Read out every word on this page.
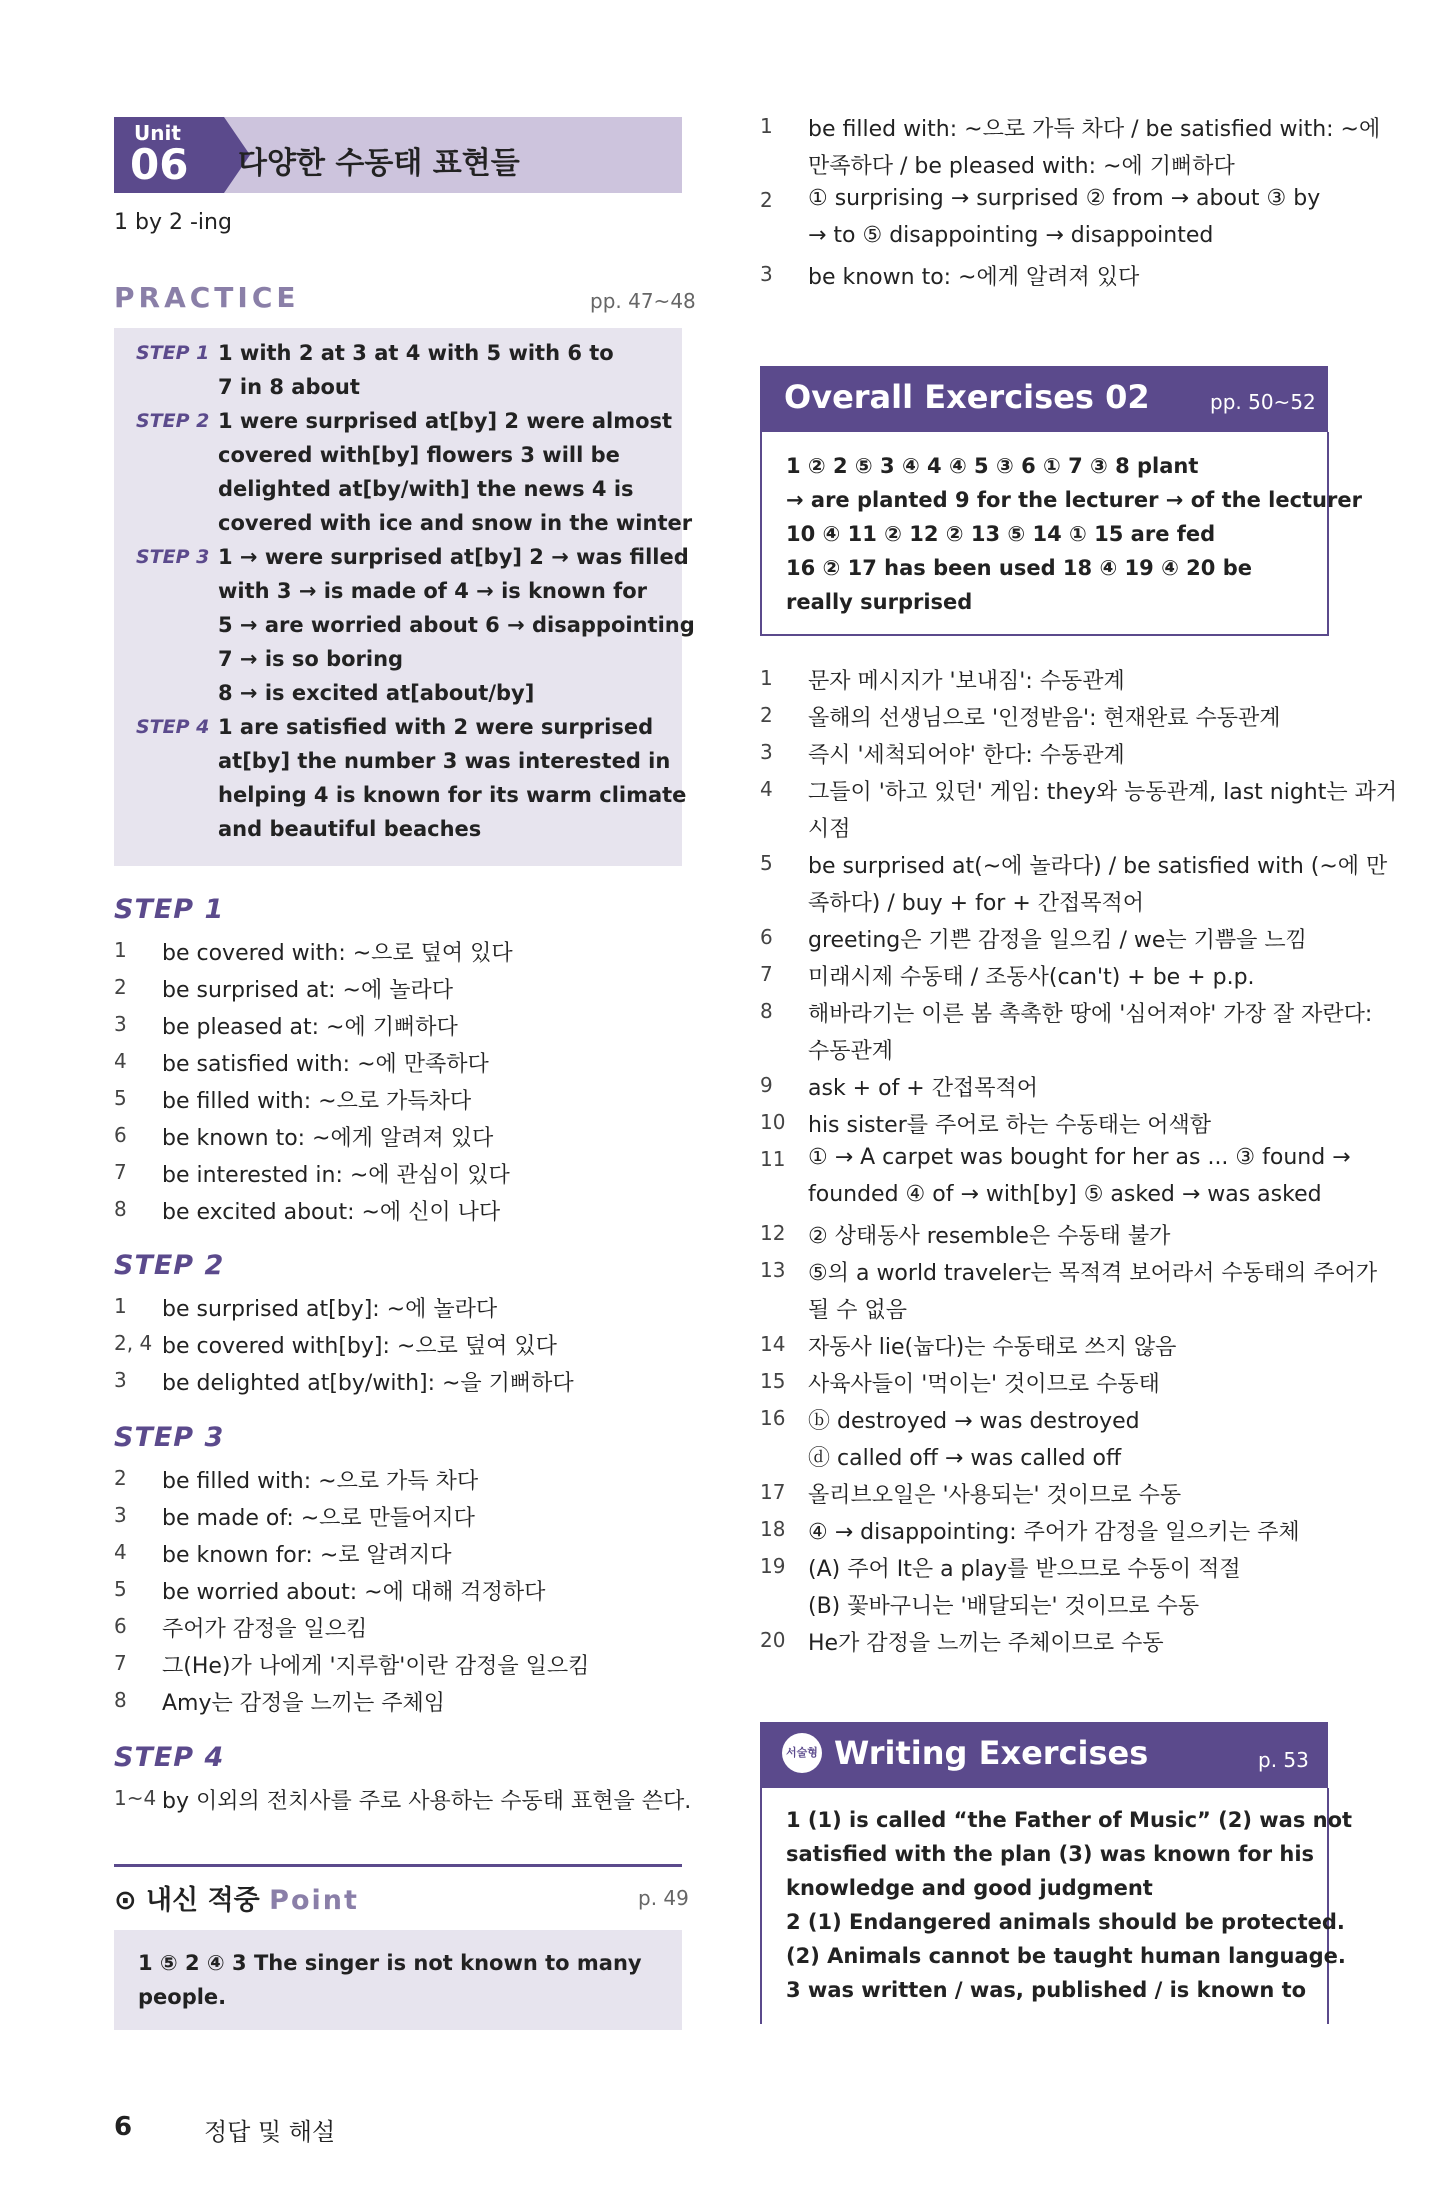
Unit
06 다양한 수동태 표현들
1 by 2 -ing
PRACTICE	pp. 47~48
STEP 1 1 with 2 at 3 at 4 with 5 with 6 to
7 in 8 about
STEP 2 1 were surprised at[by] 2 were almost
covered with[by] flowers 3 will be
delighted at[by/with] the news 4 is
covered with ice and snow in the winter
STEP 3 1 → were surprised at[by] 2 → was filled
with 3 → is made of 4 → is known for
5 → are worried about 6 → disappointing
7 → is so boring
8 → is excited at[about/by]
STEP 4 1 are satisfied with 2 were surprised
at[by] the number 3 was interested in
helping 4 is known for its warm climate
and beautiful beaches
STEP 1
1 be covered with: ~으로 덮여 있다
2 be surprised at: ~에 놀라다
3 be pleased at: ~에 기뻐하다
4 be satisfied with: ~에 만족하다
5 be filled with: ~으로 가득차다
6 be known to: ~에게 알려져 있다
7 be interested in: ~에 관심이 있다
8 be excited about: ~에 신이 나다
STEP 2
1 be surprised at[by]: ~에 놀라다
2, 4 be covered with[by]: ~으로 덮여 있다
3 be delighted at[by/with]: ~을 기뻐하다
STEP 3
2 be filled with: ~으로 가득 차다
3 be made of: ~으로 만들어지다
4 be known for: ~로 알려지다
5 be worried about: ~에 대해 걱정하다
6 주어가 감정을 일으킴
7 그(He)가 나에게 '지루함'이란 감정을 일으킴
8 Amy는 감정을 느끼는 주체임
STEP 4
1~4 by 이외의 전치사를 주로 사용하는 수동태 표현을 쓴다.
⊙ 내신 적중 Point	p. 49
1 ⑤ 2 ④ 3 The singer is not known to many
people.
6	정답 및 해설
1 be filled with: ~으로 가득 차다 / be satisfied with: ~에
만족하다 / be pleased with: ~에 기뻐하다
2 ① surprising → surprised ② from → about ③ by
→ to ⑤ disappointing → disappointed
3 be known to: ~에게 알려져 있다
Overall Exercises 02	pp. 50~52
1 ② 2 ⑤ 3 ④ 4 ④ 5 ③ 6 ① 7 ③ 8 plant
→ are planted 9 for the lecturer → of the lecturer
10 ④ 11 ② 12 ② 13 ⑤ 14 ① 15 are fed
16 ② 17 has been used 18 ④ 19 ④ 20 be
really surprised
1 문자 메시지가 '보내짐': 수동관계
2 올해의 선생님으로 '인정받음': 현재완료 수동관계
3 즉시 '세척되어야' 한다: 수동관계
4 그들이 '하고 있던' 게임: they와 능동관계, last night는 과거
시점
5 be surprised at(~에 놀라다) / be satisfied with (~에 만
족하다) / buy + for + 간접목적어
6 greeting은 기쁜 감정을 일으킴 / we는 기쁨을 느낌
7 미래시제 수동태 / 조동사(can't) + be + p.p.
8 해바라기는 이른 봄 촉촉한 땅에 '심어져야' 가장 잘 자란다:
수동관계
9 ask + of + 간접목적어
10 his sister를 주어로 하는 수동태는 어색함
11 ① → A carpet was bought for her as ... ③ found →
founded ④ of → with[by] ⑤ asked → was asked
12 ② 상태동사 resemble은 수동태 불가
13 ⑤의 a world traveler는 목적격 보어라서 수동태의 주어가
될 수 없음
14 자동사 lie(눕다)는 수동태로 쓰지 않음
15 사육사들이 '먹이는' 것이므로 수동태
16 ⓑ destroyed → was destroyed
ⓓ called off → was called off
17 올리브오일은 '사용되는' 것이므로 수동
18 ④ → disappointing: 주어가 감정을 일으키는 주체
19 (A) 주어 It은 a play를 받으므로 수동이 적절
(B) 꽃바구니는 '배달되는' 것이므로 수동
20 He가 감정을 느끼는 주체이므로 수동
서술형 Writing Exercises	p. 53
1 (1) is called “the Father of Music” (2) was not
satisfied with the plan (3) was known for his
knowledge and good judgment
2 (1) Endangered animals should be protected.
(2) Animals cannot be taught human language.
3 was written / was, published / is known to
